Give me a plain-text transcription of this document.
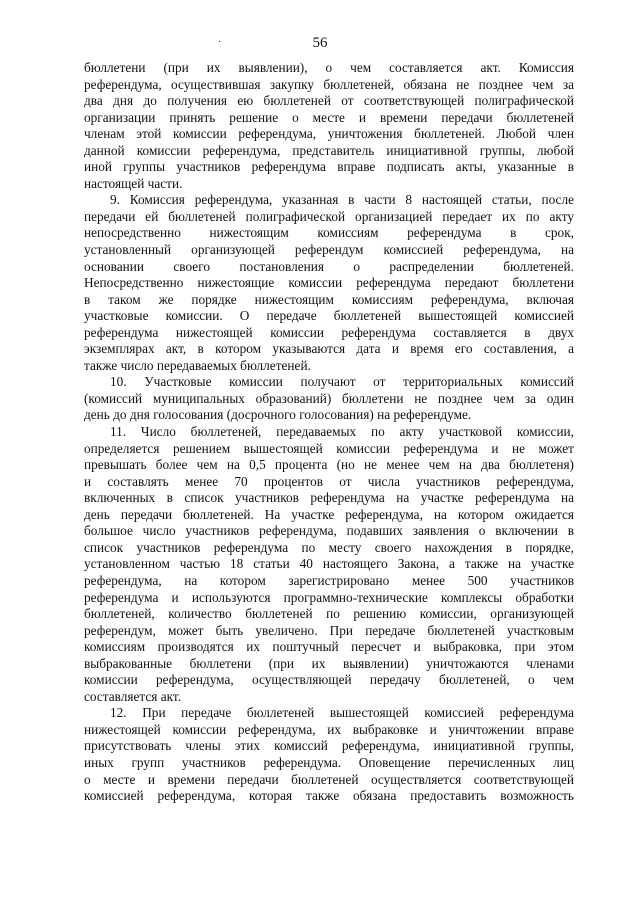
56
·

бюллетени (при их выявлении), о чем составляется акт. Комиссия
референдума, осуществившая закупку бюллетеней, обязана не позднее чем за
два дня до получения ею бюллетеней от соответствующей полиграфической
организации принять решение о месте и времени передачи бюллетеней
членам этой комиссии референдума, уничтожения бюллетеней. Любой член
данной комиссии референдума, представитель инициативной группы, любой
иной группы участников референдума вправе подписать акты, указанные в
настоящей части.

9. Комиссия референдума, указанная в части 8 настоящей статьи, после
передачи ей бюллетеней полиграфической организацией передает их по акту
непосредственно нижестоящим комиссиям референдума в срок,
установленный организующей референдум комиссией референдума, на
основании своего постановления о распределении бюллетеней.
Непосредственно нижестоящие комиссии референдума передают бюллетени
в таком же порядке нижестоящим комиссиям референдума, включая
участковые комиссии. О передаче бюллетеней вышестоящей комиссией
референдума нижестоящей комиссии референдума составляется в двух
экземплярах акт, в котором указываются дата и время его составления, а
также число передаваемых бюллетеней.

10. Участковые комиссии получают от территориальных комиссий
(комиссий муниципальных образований) бюллетени не позднее чем за один
день до дня голосования (досрочного голосования) на референдуме.

11. Число бюллетеней, передаваемых по акту участковой комиссии,
определяется решением вышестоящей комиссии референдума и не может
превышать более чем на 0,5 процента (но не менее чем на два бюллетеня)
и составлять менее 70 процентов от числа участников референдума,
включенных в список участников референдума на участке референдума на
день передачи бюллетеней. На участке референдума, на котором ожидается
большое число участников референдума, подавших заявления о включении в
список участников референдума по месту своего нахождения в порядке,
установленном частью 18 статьи 40 настоящего Закона, а также на участке
референдума, на котором зарегистрировано менее 500 участников
референдума и используются программно-технические комплексы обработки
бюллетеней, количество бюллетеней по решению комиссии, организующей
референдум, может быть увеличено. При передаче бюллетеней участковым
комиссиям производятся их поштучный пересчет и выбраковка, при этом
выбракованные бюллетени (при их выявлении) уничтожаются членами
комиссии референдума, осуществляющей передачу бюллетеней, о чем
составляется акт.

12. При передаче бюллетеней вышестоящей комиссией референдума
нижестоящей комиссии референдума, их выбраковке и уничтожении вправе
присутствовать члены этих комиссий референдума, инициативной группы,
иных групп участников референдума. Оповещение перечисленных лиц
о месте и времени передачи бюллетеней осуществляется соответствующей
комиссией референдума, которая также обязана предоставить возможность
